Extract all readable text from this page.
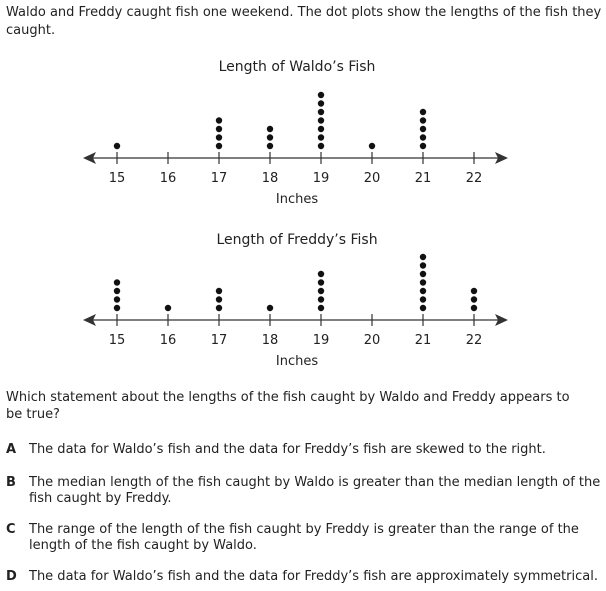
Waldo and Freddy caught fish one weekend. The dot plots show the lengths of the fish they caught.
Length of Waldo’s Fish
15	16	17	18	19	20	21	22
Inches
Length of Freddy’s Fish
15	16	17	18	19	20	21	22
Inches
Which statement about the lengths of the fish caught by Waldo and Freddy appears to be true?
A The data for Waldo’s fish and the data for Freddy’s fish are skewed to the right.
B The median length of the fish caught by Waldo is greater than the median length of the fish caught by Freddy.
C The range of the length of the fish caught by Freddy is greater than the range of the length of the fish caught by Waldo.
D The data for Waldo’s fish and the data for Freddy’s fish are approximately symmetrical.
